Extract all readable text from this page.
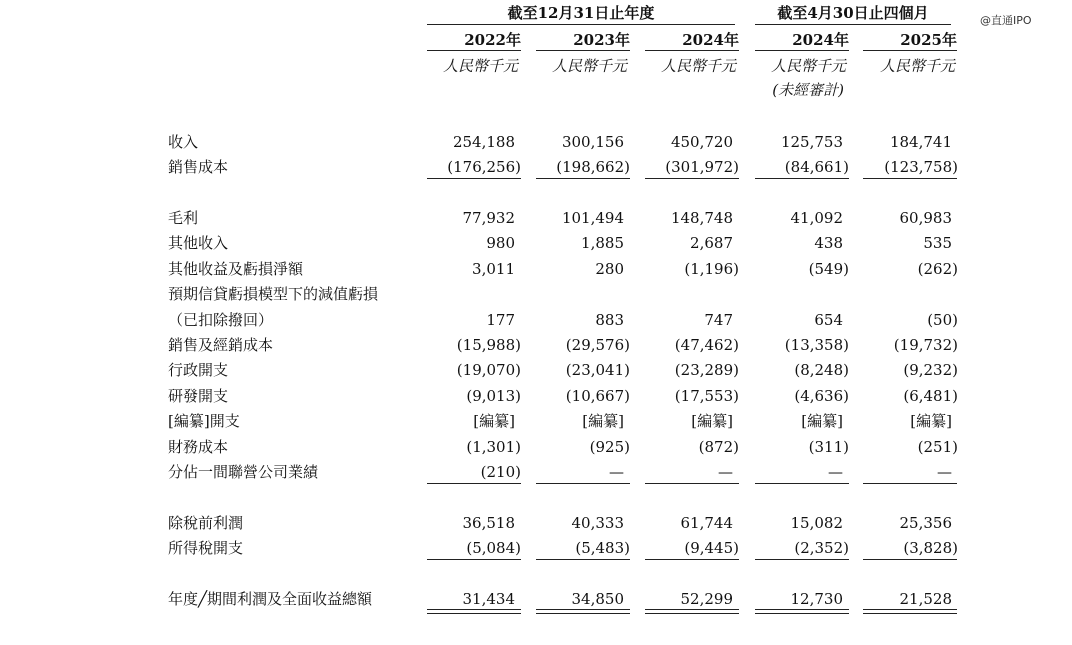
@直通IPO
截至12月31日止年度	截至4月30日止四個月
2022年	2023年	2024年	2024年	2025年
人民幣千元	人民幣千元	人民幣千元	人民幣千元	人民幣千元
(未經審計)
收入	254,188	300,156	450,720	125,753	184,741
銷售成本	(176,256)	(198,662)	(301,972)	(84,661)	(123,758)
毛利	77,932	101,494	148,748	41,092	60,983
其他收入	980	1,885	2,687	438	535
其他收益及虧損淨額	3,011	280	(1,196)	(549)	(262)
預期信貸虧損模型下的減值虧損
（已扣除撥回）	177	883	747	654	(50)
銷售及經銷成本	(15,988)	(29,576)	(47,462)	(13,358)	(19,732)
行政開支	(19,070)	(23,041)	(23,289)	(8,248)	(9,232)
研發開支	(9,013)	(10,667)	(17,553)	(4,636)	(6,481)
[編纂]開支	[編纂]	[編纂]	[編纂]	[編纂]	[編纂]
財務成本	(1,301)	(925)	(872)	(311)	(251)
分佔一間聯營公司業績	(210)	—	—	—	—
除稅前利潤	36,518	40,333	61,744	15,082	25,356
所得稅開支	(5,084)	(5,483)	(9,445)	(2,352)	(3,828)
年度╱期間利潤及全面收益總額	31,434	34,850	52,299	12,730	21,528
